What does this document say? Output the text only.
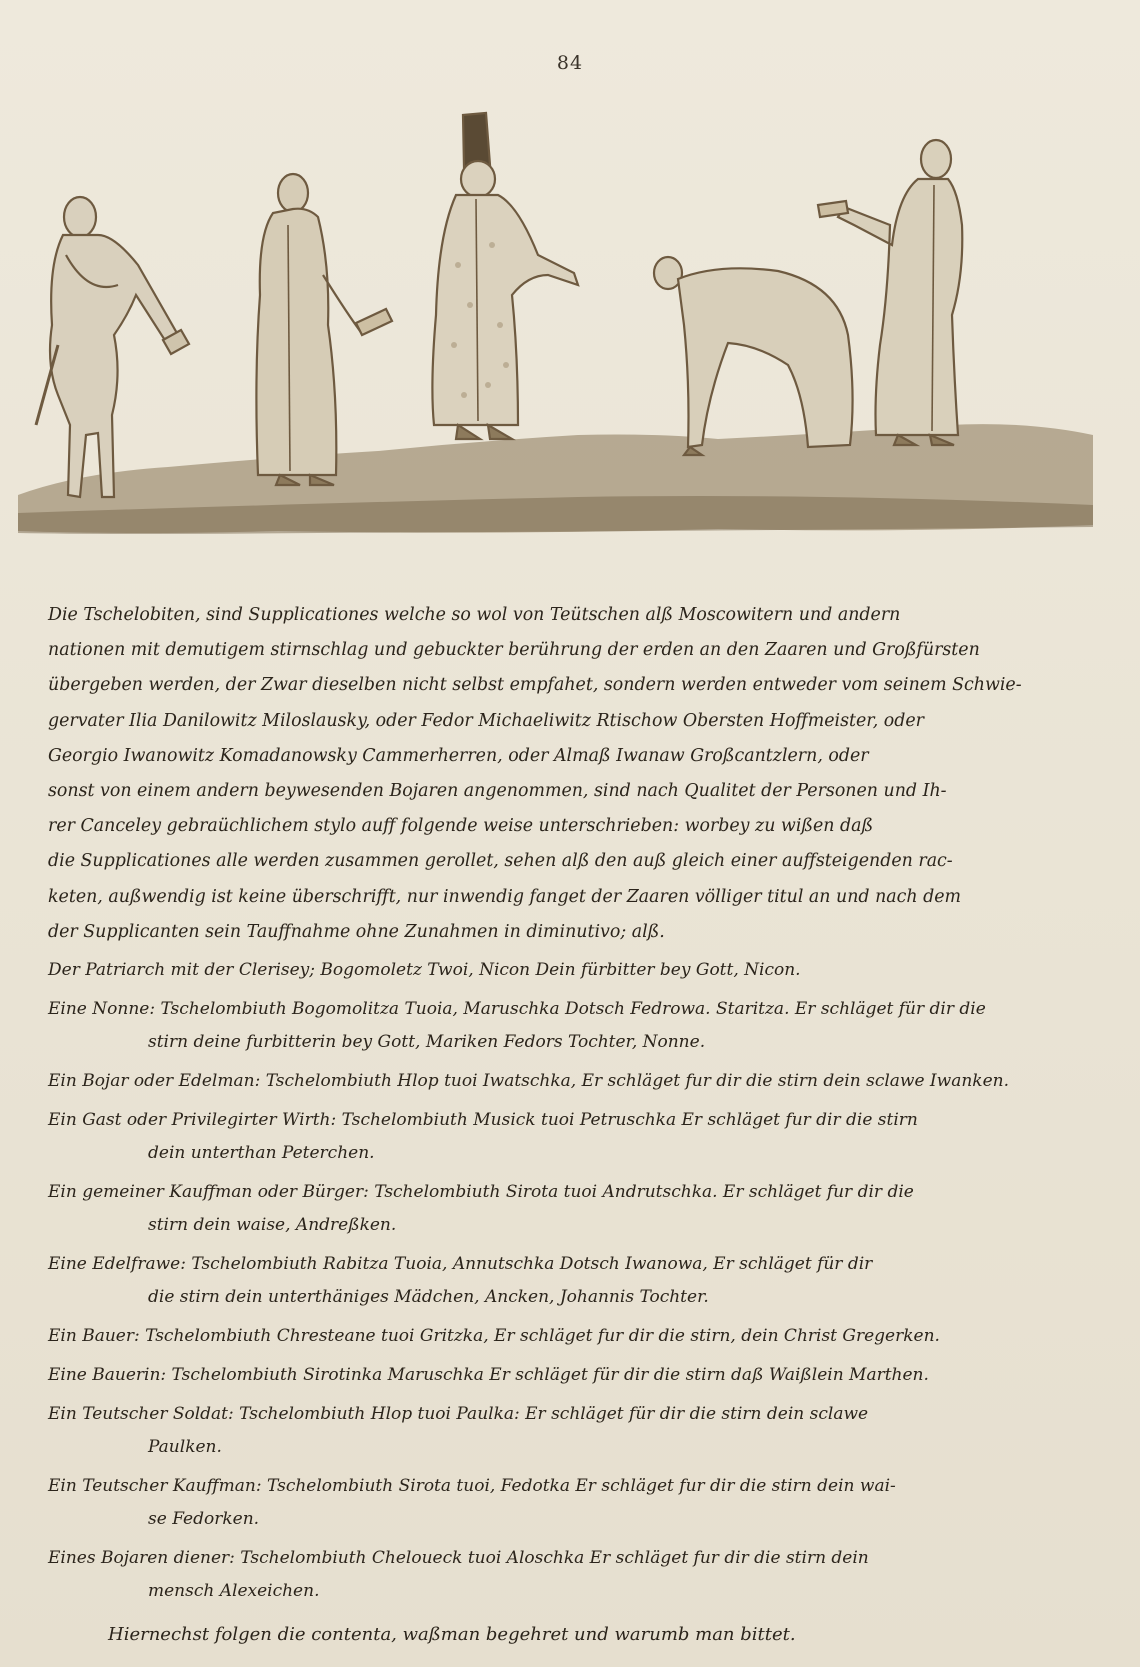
84
Die Tschelobiten, sind Supplicationes welche so wol von Teütschen alß Moscowitern und andern
nationen mit demutigem stirnschlag und gebuckter berührung der erden an den Zaaren und Großfürsten
übergeben werden, der Zwar dieselben nicht selbst empfahet, sondern werden entweder vom seinem Schwie-
gervater Ilia Danilowitz Miloslausky, oder Fedor Michaeliwitz Rtischow Obersten Hoffmeister, oder
Georgio Iwanowitz Komadanowsky Cammerherren, oder Almaß Iwanaw Großcantzlern, oder
sonst von einem andern beywesenden Bojaren angenommen, sind nach Qualitet der Personen und Ih-
rer Canceley gebraüchlichem stylo auff folgende weise unterschrieben: worbey zu wißen daß
die Supplicationes alle werden zusammen gerollet, sehen alß den auß gleich einer auffsteigenden rac-
keten, außwendig ist keine überschrifft, nur inwendig fanget der Zaaren völliger titul an und nach dem
der Supplicanten sein Tauffnahme ohne Zunahmen in diminutivo; alß.
Der Patriarch mit der Clerisey; Bogomoletz Twoi, Nicon Dein fürbitter bey Gott, Nicon.
Eine Nonne: Tschelombiuth Bogomolitza Tuoia, Maruschka Dotsch Fedrowa. Staritza. Er schläget für dir die
stirn deine furbitterin bey Gott, Mariken Fedors Tochter, Nonne.
Ein Bojar oder Edelman: Tschelombiuth Hlop tuoi Iwatschka, Er schläget fur dir die stirn dein sclawe Iwanken.
Ein Gast oder Privilegirter Wirth: Tschelombiuth Musick tuoi Petruschka Er schläget fur dir die stirn
dein unterthan Peterchen.
Ein gemeiner Kauffman oder Bürger: Tschelombiuth Sirota tuoi Andrutschka. Er schläget fur dir die
stirn dein waise, Andreßken.
Eine Edelfrawe: Tschelombiuth Rabitza Tuoia, Annutschka Dotsch Iwanowa, Er schläget für dir
die stirn dein unterthäniges Mädchen, Ancken, Johannis Tochter.
Ein Bauer: Tschelombiuth Chresteane tuoi Gritzka, Er schläget fur dir die stirn, dein Christ Gregerken.
Eine Bauerin: Tschelombiuth Sirotinka Maruschka Er schläget für dir die stirn daß Waißlein Marthen.
Ein Teutscher Soldat: Tschelombiuth Hlop tuoi Paulka: Er schläget für dir die stirn dein sclawe
Paulken.
Ein Teutscher Kauffman: Tschelombiuth Sirota tuoi, Fedotka Er schläget fur dir die stirn dein wai-
se Fedorken.
Eines Bojaren diener: Tschelombiuth Cheloueck tuoi Aloschka Er schläget fur dir die stirn dein
mensch Alexeichen.
Hiernechst folgen die contenta, waßman begehret und warumb man bittet.
